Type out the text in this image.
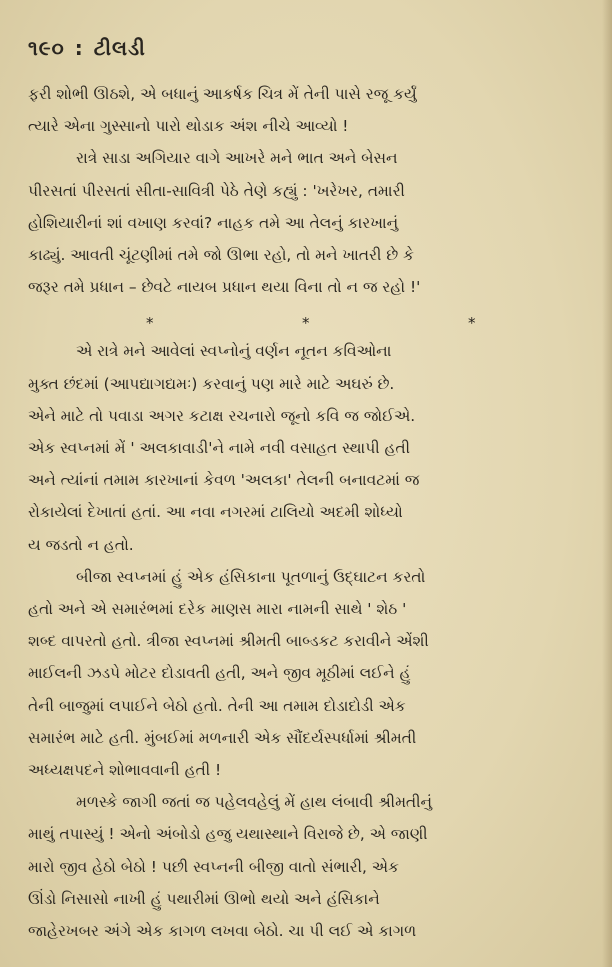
૧૯૦ : ટીલડી

ફરી શોભી ઊઠશે, એ બધાનું આકર્ષક ચિત્ર મેં તેની પાસે રજૂ કર્યું

ત્યારે એના ગુસ્સાનો પારો થોડાક અંશ નીચે આવ્યો !

રાત્રે સાડા અગિયાર વાગે આખરે મને ભાત અને બેસન

પીરસતાં પીરસતાં સીતા-સાવિત્રી પેઠે તેણે કહ્યું : 'ખરેખર, તમારી

હોશિયારીનાં શાં વખાણ કરવાં? નાહક તમે આ તેલનું કારખાનું

કાઢ્યું. આવતી ચૂંટણીમાં તમે જો ઊભા રહો, તો મને ખાતરી છે કે

જરૂર તમે પ્રધાન – છેવટે નાયબ પ્રધાન થયા વિના તો ન જ રહો !'

*	*	*

એ રાત્રે મને આવેલાં સ્વપ્નોનું વર્ણન નૂતન કવિઓના

મુક્ત છંદમાં (આપદ્યાગદ્યમઃ) કરવાનું પણ મારે માટે અઘરું છે.

એને માટે તો પવાડા અગર કટાક્ષ રચનારો જૂનો કવિ જ જોઈએ.

એક સ્વપ્નમાં મેં ' અલકાવાડી'ને નામે નવી વસાહત સ્થાપી હતી

અને ત્યાંનાં તમામ કારખાનાં કેવળ 'અલકા' તેલની બનાવટમાં જ

રોકાયેલાં દેખાતાં હતાં. આ નવા નગરમાં ટાલિયો અદમી શોધ્યો

ય જડતો ન હતો.

બીજા સ્વપ્નમાં હું એક હંસિકાના પૂતળાનું ઉદ્‌ઘાટન કરતો

હતો અને એ સમારંભમાં દરેક માણસ મારા નામની સાથે ' શેઠ '

શબ્દ વાપરતો હતો. ત્રીજા સ્વપ્નમાં શ્રીમતી બાબ્ડકટ કરાવીને એંશી

માઈલની ઝડપે મોટર દોડાવતી હતી, અને જીવ મૂઠીમાં લઈને હું

તેની બાજુમાં લપાઈને બેઠો હતો. તેની આ તમામ દોડાદોડી એક

સમારંભ માટે હતી. મુંબઈમાં મળનારી એક સૌંદર્યસ્પર્ધામાં શ્રીમતી

અધ્યક્ષપદને શોભાવવાની હતી !

મળસ્કે જાગી જતાં જ પહેલવહેલું મેં હાથ લંબાવી શ્રીમતીનું

માથું તપાસ્યું ! એનો અંબોડો હજુ યથાસ્થાને વિરાજે છે, એ જાણી

મારો જીવ હેઠો બેઠો ! પછી સ્વપ્નની બીજી વાતો સંભારી, એક

ઊંડો નિસાસો નાખી હું પથારીમાં ઊભો થયો અને હંસિકાને

જાહેરખબર અંગે એક કાગળ લખવા બેઠો. ચા પી લઈ એ કાગળ
